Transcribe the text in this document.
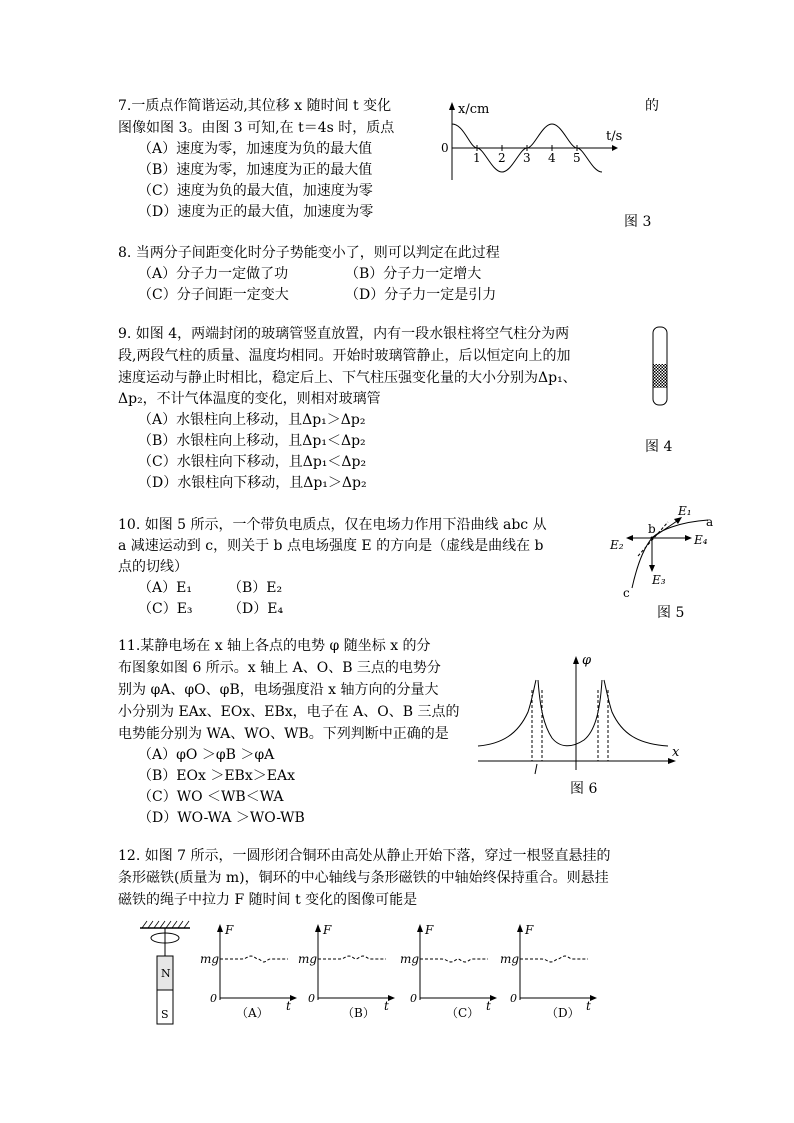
7.一质点作简谐运动,其位移 x 随时间 t 变化	的
图像如图 3。由图 3 可知,在 t＝4s 时，质点
（A）速度为零，加速度为负的最大值
（B）速度为零，加速度为正的最大值
（C）速度为负的最大值，加速度为零
（D）速度为正的最大值，加速度为零
x/cm
t/s
0
1 2 3 4 5
图 3
8. 当两分子间距变化时分子势能变小了，则可以判定在此过程
（A）分子力一定做了功	（B）分子力一定增大
（C）分子间距一定变大	（D）分子力一定是引力
9. 如图 4，两端封闭的玻璃管竖直放置，内有一段水银柱将空气柱分为两
段,两段气柱的质量、温度均相同。开始时玻璃管静止，后以恒定向上的加
速度运动与静止时相比，稳定后上、下气柱压强变化量的大小分别为Δp₁、
Δp₂，不计气体温度的变化，则相对玻璃管
（A）水银柱向上移动，且Δp₁＞Δp₂
（B）水银柱向上移动，且Δp₁＜Δp₂
（C）水银柱向下移动，且Δp₁＜Δp₂
（D）水银柱向下移动，且Δp₁＞Δp₂
图 4
10. 如图 5 所示，一个带负电质点，仅在电场力作用下沿曲线 abc 从
a 减速运动到 c，则关于 b 点电场强度 E 的方向是（虚线是曲线在 b
点的切线）
（A）E₁	（B）E₂
（C）E₃	（D）E₄
E₁
a
b
E₂	E₄
E₃
c
图 5
11.某静电场在 x 轴上各点的电势 φ 随坐标 x 的分
布图象如图 6 所示。x 轴上 A、O、B 三点的电势分
别为 φA、φO、φB，电场强度沿 x 轴方向的分量大
小分别为 EAx、EOx、EBx，电子在 A、O、B 三点的
电势能分别为 WA、WO、WB。下列判断中正确的是
（A）φO ＞φB ＞φA
（B）EOx ＞EBx＞EAx
（C）WO ＜WB＜WA
（D）WO-WA ＞WO-WB
φ
x
图 6
12. 如图 7 所示，一圆形闭合铜环由高处从静止开始下落，穿过一根竖直悬挂的
条形磁铁(质量为 m)，铜环的中心轴线与条形磁铁的中轴始终保持重合。则悬挂
磁铁的绳子中拉力 F 随时间 t 变化的图像可能是
N
S
F
mg
0
t
（A）
F
mg
0
t
（B）
F
mg
0
t
（C）
F
mg
0
t
（D）
